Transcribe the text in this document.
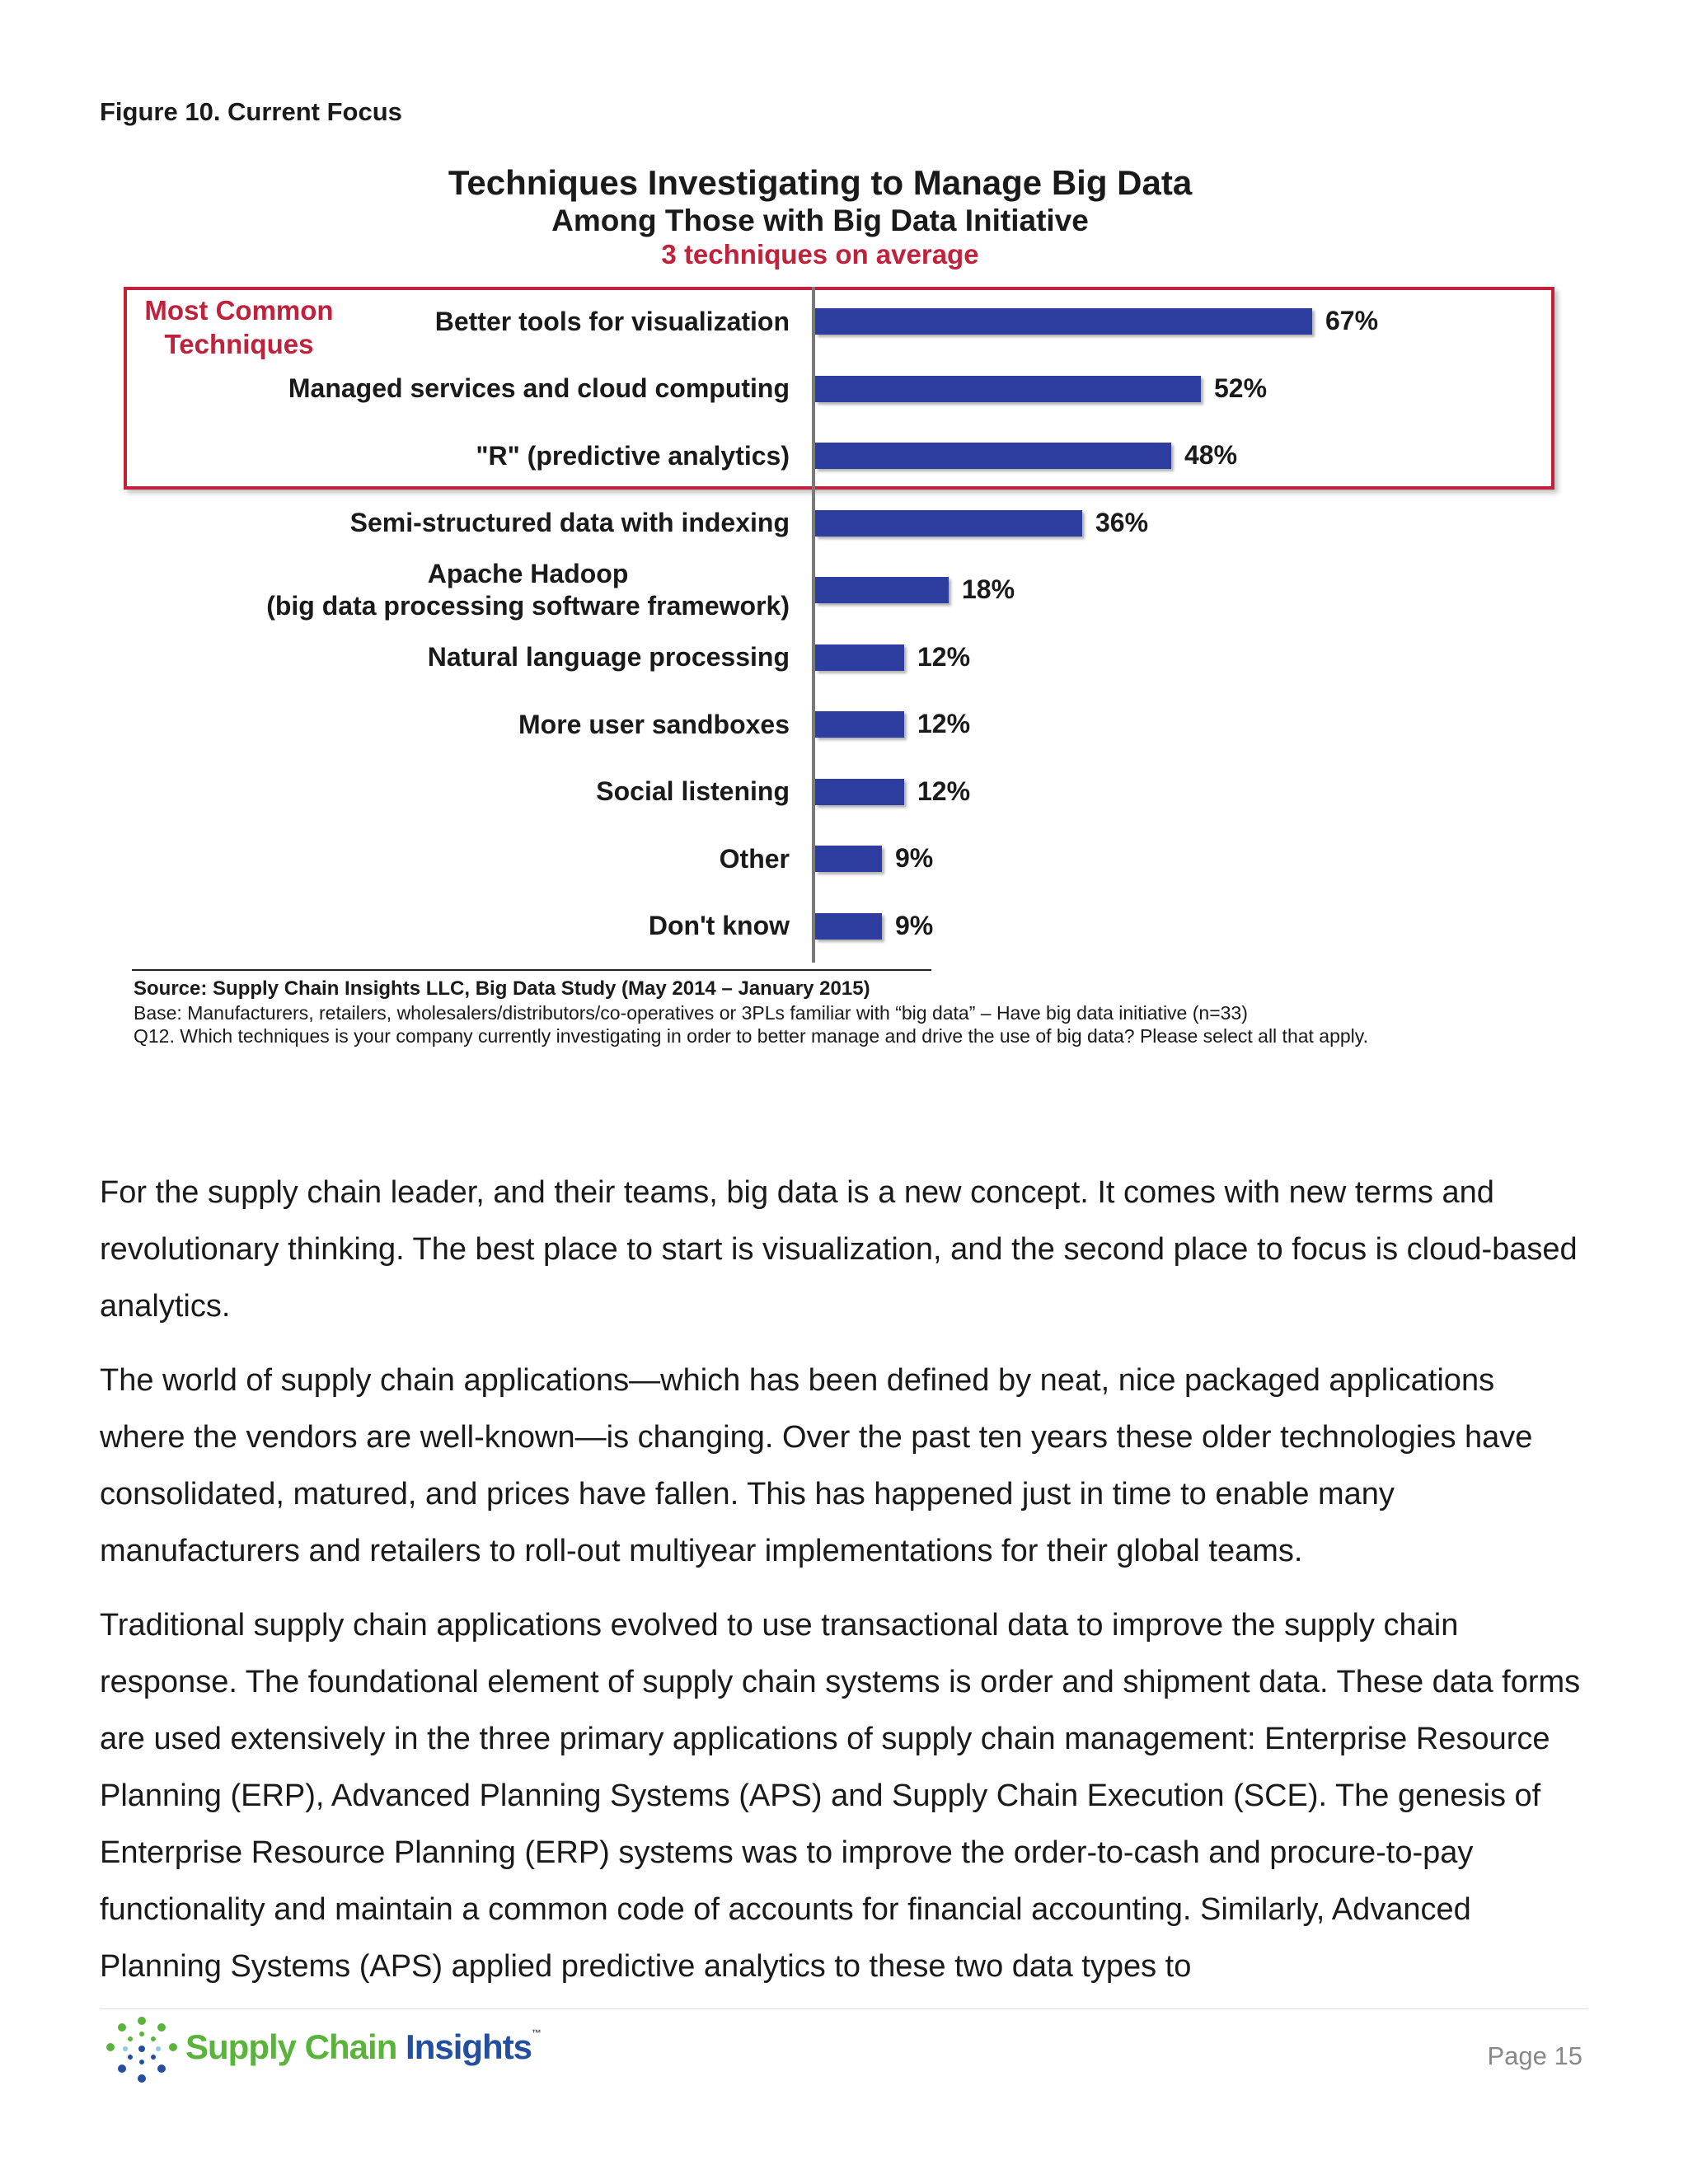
Figure 10. Current Focus
Techniques Investigating to Manage Big Data
Among Those with Big Data Initiative
3 techniques on average
Most Common Techniques
Better tools for visualization	67%
Managed services and cloud computing	52%
"R" (predictive analytics)	48%
Semi-structured data with indexing	36%
Apache Hadoop
(big data processing software framework)
18%
Natural language processing	12%
More user sandboxes	12%
Social listening	12%
Other	9%
Don't know	9%
Source: Supply Chain Insights LLC, Big Data Study (May 2014 – January 2015)
Base: Manufacturers, retailers, wholesalers/distributors/co-operatives or 3PLs familiar with “big data” – Have big data initiative (n=33)
Q12. Which techniques is your company currently investigating in order to better manage and drive the use of big data? Please select all that apply.
For the supply chain leader, and their teams, big data is a new concept. It comes with new terms and revolutionary thinking. The best place to start is visualization, and the second place to focus is cloud-based analytics.
The world of supply chain applications—which has been defined by neat, nice packaged applications where the vendors are well-known—is changing. Over the past ten years these older technologies have consolidated, matured, and prices have fallen. This has happened just in time to enable many manufacturers and retailers to roll-out multiyear implementations for their global teams.
Traditional supply chain applications evolved to use transactional data to improve the supply chain response. The foundational element of supply chain systems is order and shipment data. These data forms are used extensively in the three primary applications of supply chain management: Enterprise Resource Planning (ERP), Advanced Planning Systems (APS) and Supply Chain Execution (SCE). The genesis of Enterprise Resource Planning (ERP) systems was to improve the order-to-cash and procure-to-pay functionality and maintain a common code of accounts for financial accounting. Similarly, Advanced Planning Systems (APS) applied predictive analytics to these two data types to
Supply Chain Insights™
Page 15
